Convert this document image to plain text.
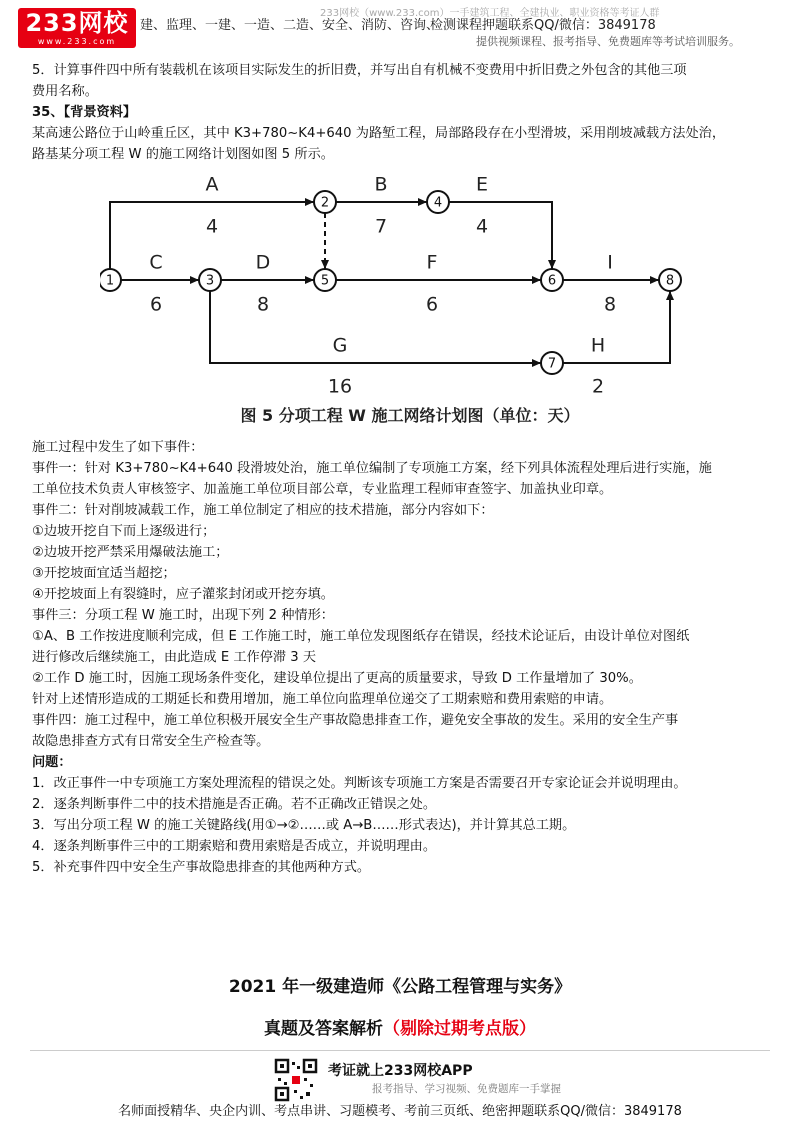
233网校
www.233.com
233网校（www.233.com）一手建筑工程、全建执业、职业资格等考证人群
建、监理、一建、一造、二造、安全、消防、咨询、
检测课程押题联系QQ/微信：3849178
提供视频课程、报考指导、免费题库等考试培训服务。
5．计算事件四中所有装载机在该项目实际发生的折旧费，并写出自有机械不变费用中折旧费之外包含的其他三项
费用名称。
35、【背景资料】
某高速公路位于山岭重丘区，其中 K3+780~K4+640 为路堑工程，局部路段存在小型滑坡，采用削坡减载方法处治，
路基某分项工程 W 的施工网络计划图如图 5 所示。
A
4
B
7
E
4
C
6
D
8
F
6
I
8
G
16
H
2
1
2
3
4
5	6
7
8
图 5 分项工程 W 施工网络计划图（单位：天）
施工过程中发生了如下事件：
事件一：针对 K3+780~K4+640 段滑坡处治，施工单位编制了专项施工方案，经下列具体流程处理后进行实施，施
工单位技术负责人审核签字、加盖施工单位项目部公章，专业监理工程师审查签字、加盖执业印章。
事件二：针对削坡减载工作，施工单位制定了相应的技术措施，部分内容如下：
①边坡开挖自下而上逐级进行；
②边坡开挖严禁采用爆破法施工；
③开挖坡面宜适当超挖；
④开挖坡面上有裂缝时，应子灌浆封闭或开挖夯填。
事件三：分项工程 W 施工时，出现下列 2 种情形：
①A、B 工作按进度顺利完成，但 E 工作施工时，施工单位发现图纸存在错误，经技术论证后，由设计单位对图纸
进行修改后继续施工，由此造成 E 工作停滞 3 天
②工作 D 施工时，因施工现场条件变化，建设单位提出了更高的质量要求，导致 D 工作量增加了 30%。
针对上述情形造成的工期延长和费用增加，施工单位向监理单位递交了工期索赔和费用索赔的申请。
事件四：施工过程中，施工单位积极开展安全生产事故隐患排查工作，避免安全事故的发生。采用的安全生产事
故隐患排查方式有日常安全生产检查等。
问题：
1．改正事件一中专项施工方案处理流程的错误之处。判断该专项施工方案是否需要召开专家论证会并说明理由。
2．逐条判断事件二中的技术措施是否正确。若不正确改正错误之处。
3．写出分项工程 W 的施工关键路线(用①→②……或 A→B……形式表达)，并计算其总工期。
4．逐条判断事件三中的工期索赔和费用索赔是否成立，并说明理由。
5．补充事件四中安全生产事故隐患排查的其他两种方式。
2021 年一级建造师《公路工程管理与实务》
真题及答案解析（剔除过期考点版）
考证就上233网校APP
报考指导、学习视频、免费题库一手掌握
名师面授精华、央企内训、考点串讲、习题模考、考前三页纸、绝密押题联系QQ/微信：3849178
